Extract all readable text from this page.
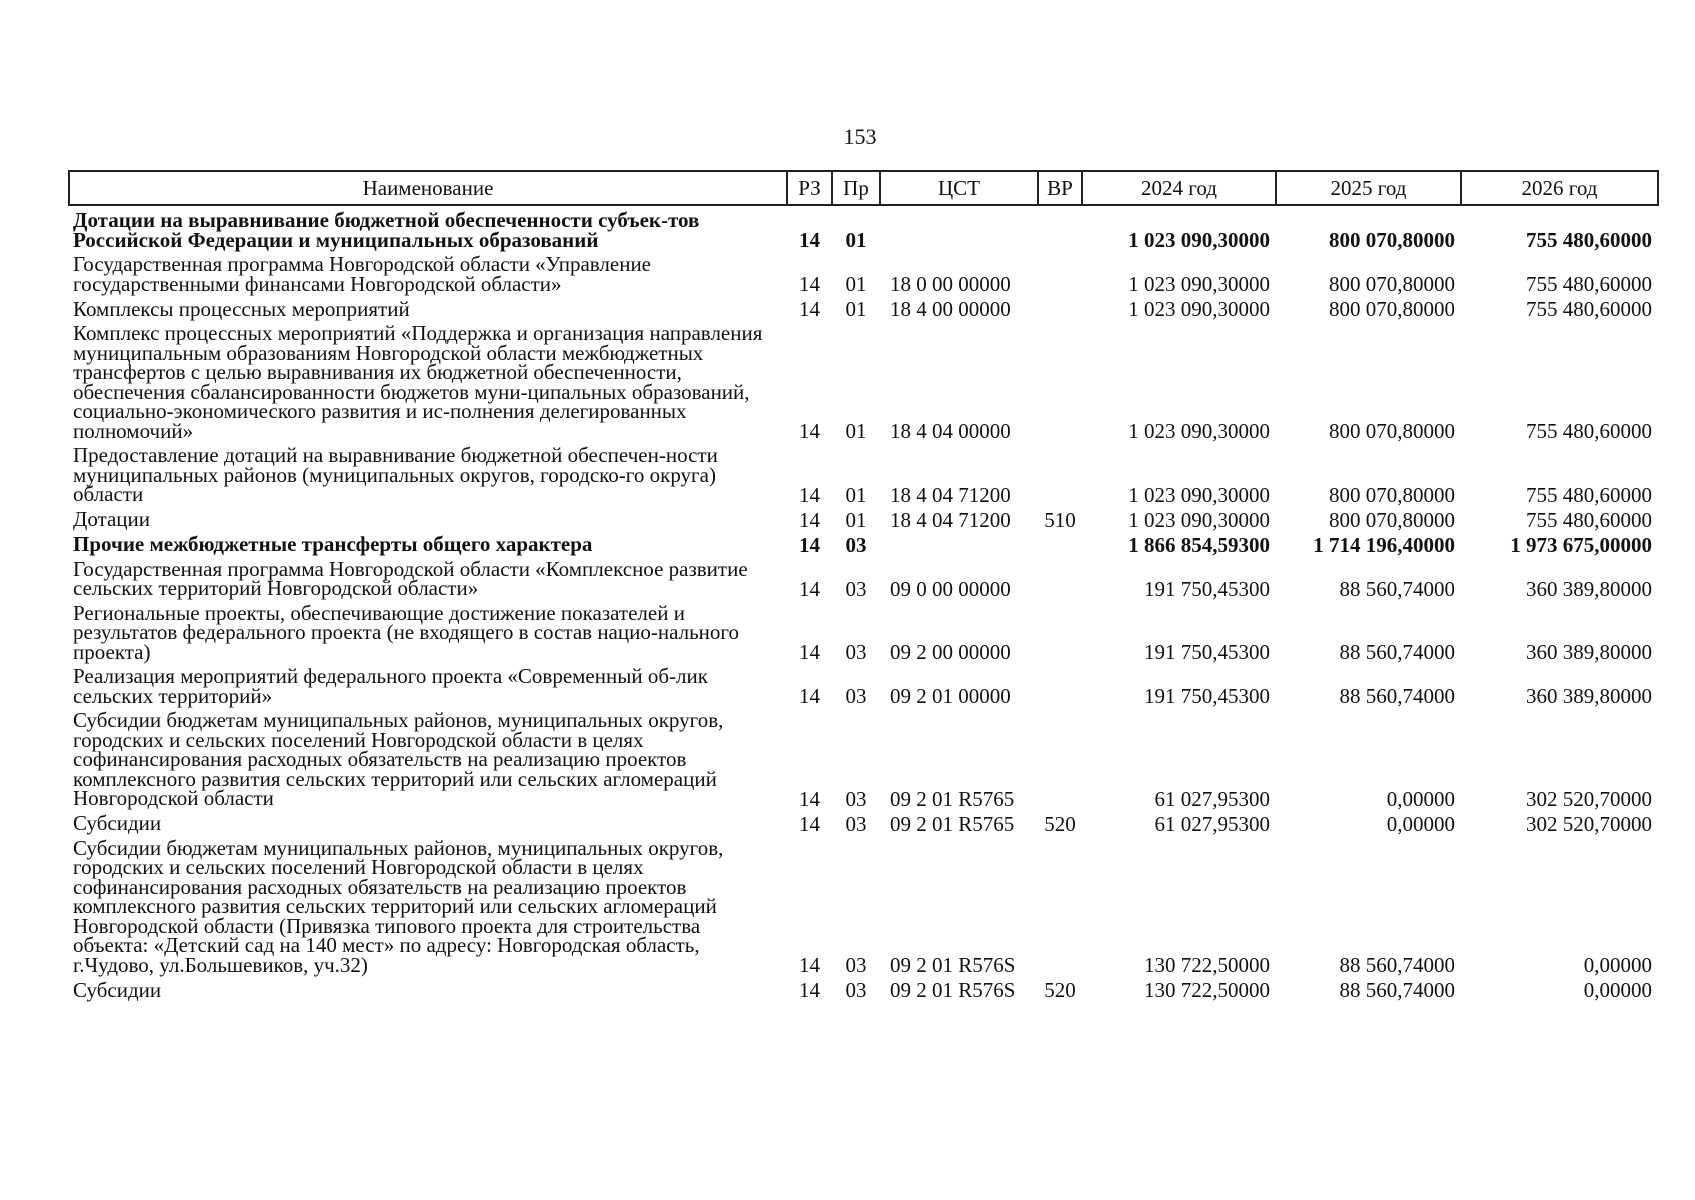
153
Наименование	РЗ	Пр	ЦСТ	ВР	2024 год	2025 год	2026 год
Дотации на выравнивание бюджетной обеспеченности субъек-тов Российской Федерации и муниципальных образований	14	01			1 023 090,30000	800 070,80000	755 480,60000
Государственная программа Новгородской области «Управление государственными финансами Новгородской области»	14	01	18 0 00 00000		1 023 090,30000	800 070,80000	755 480,60000
Комплексы процессных мероприятий	14	01	18 4 00 00000		1 023 090,30000	800 070,80000	755 480,60000
Комплекс процессных мероприятий «Поддержка и организация направления муниципальным образованиям Новгородской области межбюджетных трансфертов с целью выравнивания их бюджетной обеспеченности, обеспечения сбалансированности бюджетов муни-ципальных образований, социально-экономического развития и ис-полнения делегированных полномочий»	14	01	18 4 04 00000		1 023 090,30000	800 070,80000	755 480,60000
Предоставление дотаций на выравнивание бюджетной обеспечен-ности муниципальных районов (муниципальных округов, городско-го округа) области	14	01	18 4 04 71200		1 023 090,30000	800 070,80000	755 480,60000
Дотации	14	01	18 4 04 71200	510	1 023 090,30000	800 070,80000	755 480,60000
Прочие межбюджетные трансферты общего характера	14	03			1 866 854,59300	1 714 196,40000	1 973 675,00000
Государственная программа Новгородской области «Комплексное развитие сельских территорий Новгородской области»	14	03	09 0 00 00000		191 750,45300	88 560,74000	360 389,80000
Региональные проекты, обеспечивающие достижение показателей и результатов федерального проекта (не входящего в состав нацио-нального проекта)	14	03	09 2 00 00000		191 750,45300	88 560,74000	360 389,80000
Реализация мероприятий федерального проекта «Современный об-лик сельских территорий»	14	03	09 2 01 00000		191 750,45300	88 560,74000	360 389,80000
Субсидии бюджетам муниципальных районов, муниципальных округов, городских и сельских поселений Новгородской области в целях софинансирования расходных обязательств на реализацию проектов комплексного развития сельских территорий или сельских агломераций Новгородской области	14	03	09 2 01 R5765		61 027,95300	0,00000	302 520,70000
Субсидии	14	03	09 2 01 R5765	520	61 027,95300	0,00000	302 520,70000
Субсидии бюджетам муниципальных районов, муниципальных округов, городских и сельских поселений Новгородской области в целях софинансирования расходных обязательств на реализацию проектов комплексного развития сельских территорий или сельских агломераций Новгородской области (Привязка типового проекта для строительства объекта: «Детский сад на 140 мест» по адресу: Новгородская область, г.Чудово, ул.Большевиков, уч.32)	14	03	09 2 01 R576S		130 722,50000	88 560,74000	0,00000
Субсидии	14	03	09 2 01 R576S	520	130 722,50000	88 560,74000	0,00000
